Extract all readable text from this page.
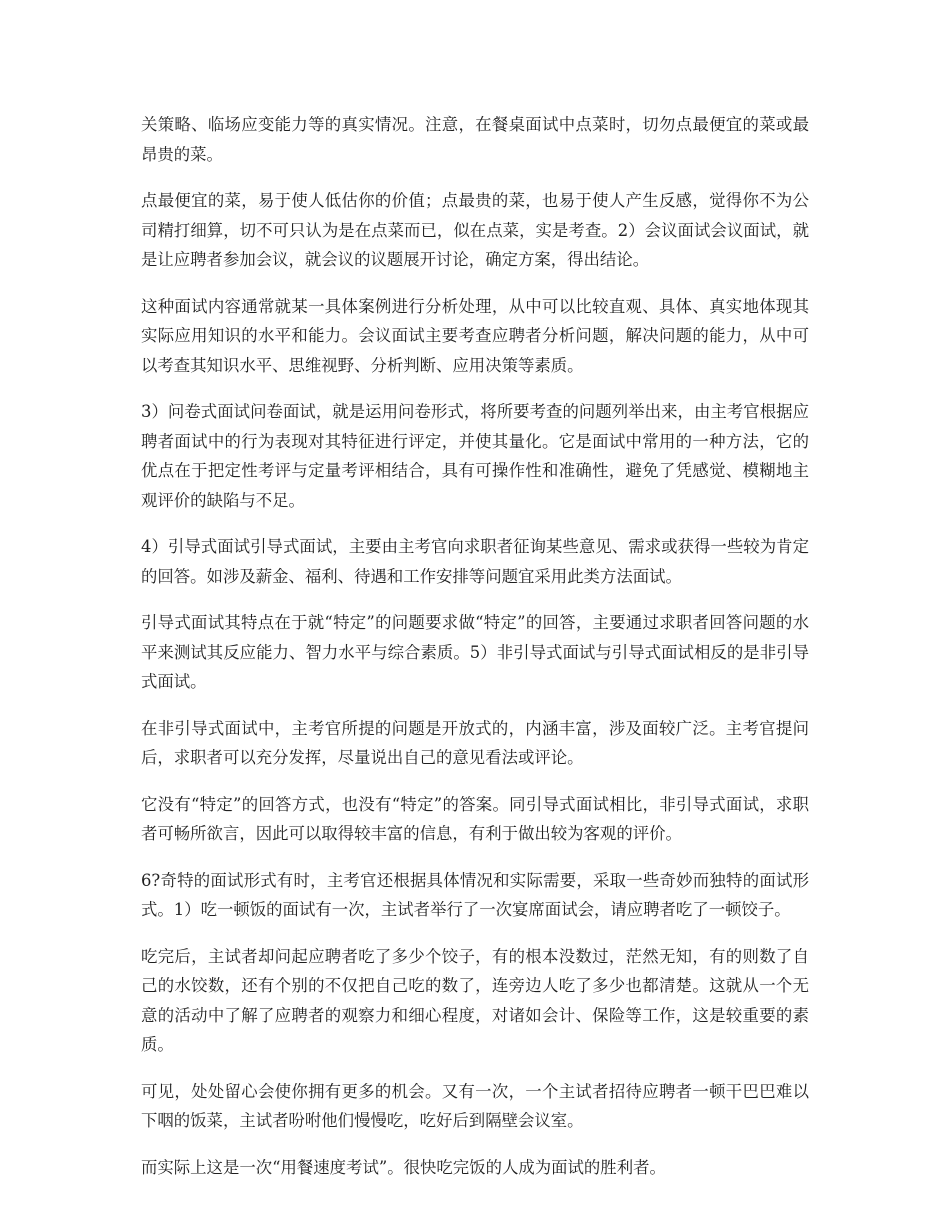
关策略、临场应变能力等的真实情况。注意，在餐桌面试中点菜时，切勿点最便宜的菜或最昂贵的菜。

点最便宜的菜，易于使人低估你的价值；点最贵的菜，也易于使人产生反感，觉得你不为公司精打细算，切不可只认为是在点菜而已，似在点菜，实是考查。2）会议面试会议面试，就是让应聘者参加会议，就会议的议题展开讨论，确定方案，得出结论。

这种面试内容通常就某一具体案例进行分析处理，从中可以比较直观、具体、真实地体现其实际应用知识的水平和能力。会议面试主要考查应聘者分析问题，解决问题的能力，从中可以考查其知识水平、思维视野、分析判断、应用决策等素质。

3）问卷式面试问卷面试，就是运用问卷形式，将所要考查的问题列举出来，由主考官根据应聘者面试中的行为表现对其特征进行评定，并使其量化。它是面试中常用的一种方法，它的优点在于把定性考评与定量考评相结合，具有可操作性和准确性，避免了凭感觉、模糊地主观评价的缺陷与不足。

4）引导式面试引导式面试，主要由主考官向求职者征询某些意见、需求或获得一些较为肯定的回答。如涉及薪金、福利、待遇和工作安排等问题宜采用此类方法面试。

引导式面试其特点在于就“特定”的问题要求做“特定”的回答，主要通过求职者回答问题的水平来测试其反应能力、智力水平与综合素质。5）非引导式面试与引导式面试相反的是非引导式面试。

在非引导式面试中，主考官所提的问题是开放式的，内涵丰富，涉及面较广泛。主考官提问后，求职者可以充分发挥，尽量说出自己的意见看法或评论。

它没有“特定”的回答方式，也没有“特定”的答案。同引导式面试相比，非引导式面试，求职者可畅所欲言，因此可以取得较丰富的信息，有利于做出较为客观的评价。

6?奇特的面试形式有时，主考官还根据具体情况和实际需要，采取一些奇妙而独特的面试形式。1）吃一顿饭的面试有一次，主试者举行了一次宴席面试会，请应聘者吃了一顿饺子。

吃完后，主试者却问起应聘者吃了多少个饺子，有的根本没数过，茫然无知，有的则数了自己的水饺数，还有个别的不仅把自己吃的数了，连旁边人吃了多少也都清楚。这就从一个无意的活动中了解了应聘者的观察力和细心程度，对诸如会计、保险等工作，这是较重要的素质。

可见，处处留心会使你拥有更多的机会。又有一次，一个主试者招待应聘者一顿干巴巴难以下咽的饭菜，主试者吩咐他们慢慢吃，吃好后到隔壁会议室。

而实际上这是一次“用餐速度考试”。很快吃完饭的人成为面试的胜利者。
